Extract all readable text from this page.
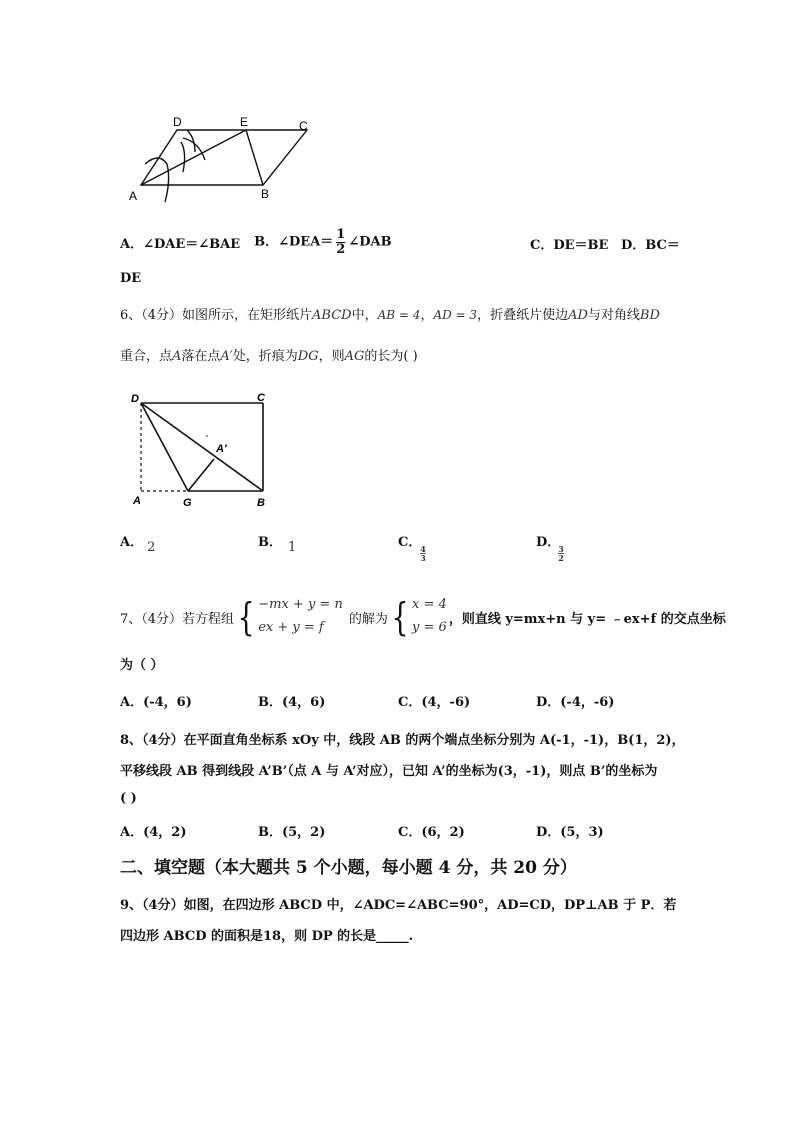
A
D	E	C
B
A．∠DAE＝∠BAE B．∠DEA＝ $\frac{1}{2}$ ∠DAB	C．DE＝BE D．BC＝
DE
6、（4分）如图所示，在矩形纸片ABCD中，AB = 4，AD = 3，折叠纸片使边AD与对角线BD
重合，点A落在点A′处，折痕为DG，则AG的长为( )
D	C
A	G	B
A′
A． 2	B． 1	C．
4
3
D．
3
2
7、（4分）若方程组 { −mx + y = n
ex + y = f
的解为 { x = 4
y = 6
，则直线 y=mx+n 与 y= ﹣ex+f 的交点坐标
为（ ）
A．(-4，6)	B．(4，6)	C．(4，-6)	D．(-4，-6)
8、（4分）在平面直角坐标系 xOy 中，线段 AB 的两个端点坐标分别为 A(-1，-1)，B(1，2)，
平移线段 AB 得到线段 A’B’（点 A 与 A’对应），已知 A’的坐标为(3，-1)，则点 B’的坐标为
( )
A．(4，2)	B．(5，2)	C．(6，2)	D．(5，3)
二、填空题（本大题共 5 个小题，每小题 4 分，共 20 分）
9、（4分）如图，在四边形 ABCD 中，∠ADC=∠ABC=90°，AD=CD，DP⊥AB 于 P．若
四边形 ABCD 的面积是18，则 DP 的长是_____.
